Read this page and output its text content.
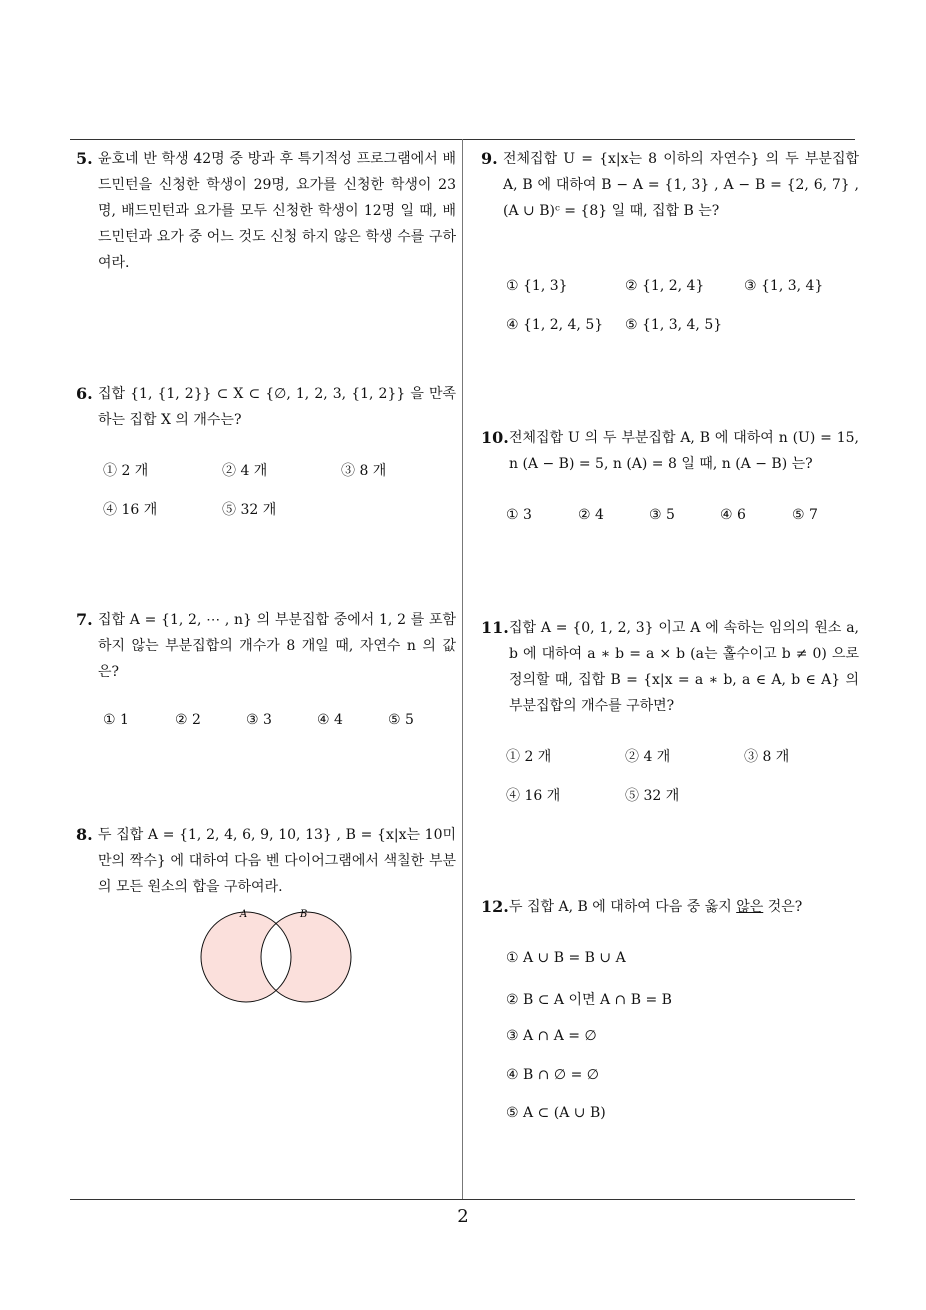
5. 윤호네 반 학생 42명 중 방과 후 특기적성 프로그램에서 배드민턴을 신청한 학생이 29명, 요가를 신청한 학생이 23명, 배드민턴과 요가를 모두 신청한 학생이 12명 일 때, 배드민턴과 요가 중 어느 것도 신청 하지 않은 학생 수를 구하여라.
6. 집합 {1, {1, 2}} ⊂ X ⊂ {∅, 1, 2, 3, {1, 2}} 을 만족하는 집합 X 의 개수는?
① 2 개	② 4 개	③ 8 개
④ 16 개	⑤ 32 개
7. 집합 A = {1, 2, ⋯ , n} 의 부분집합 중에서 1, 2 를 포함하지 않는 부분집합의 개수가 8 개일 때, 자연수 n 의 값은?
① 1	② 2	③ 3	④ 4	⑤ 5
8. 두 집합 A = {1, 2, 4, 6, 9, 10, 13} , B = {x|x는 10미만의 짝수} 에 대하여 다음 벤 다이어그램에서 색칠한 부분의 모든 원소의 합을 구하여라.
A	B
9. 전체집합 U = {x|x는 8 이하의 자연수} 의 두 부분집합 A, B 에 대하여 B − A = {1, 3} , A − B = {2, 6, 7} , (A ∪ B)ᶜ = {8} 일 때, 집합 B 는?
① {1, 3}	② {1, 2, 4}	③ {1, 3, 4}
④ {1, 2, 4, 5} ⑤ {1, 3, 4, 5}
10. 전체집합 U 의 두 부분집합 A, B 에 대하여 n (U) = 15, n (A − B) = 5, n (A) = 8 일 때, n (A − B) 는?
① 3	② 4	③ 5	④ 6	⑤ 7
11. 집합 A = {0, 1, 2, 3} 이고 A 에 속하는 임의의 원소 a, b 에 대하여 a ∗ b = a × b (a는 홀수이고 b ≠ 0) 으로 정의할 때, 집합 B = {x|x = a ∗ b, a ∈ A, b ∈ A} 의 부분집합의 개수를 구하면?
① 2 개	② 4 개	③ 8 개
④ 16 개	⑤ 32 개
12. 두 집합 A, B 에 대하여 다음 중 옳지 않은 것은?
① A ∪ B = B ∪ A
② B ⊂ A 이면 A ∩ B = B
③ A ∩ A = ∅
④ B ∩ ∅ = ∅
⑤ A ⊂ (A ∪ B)
2
